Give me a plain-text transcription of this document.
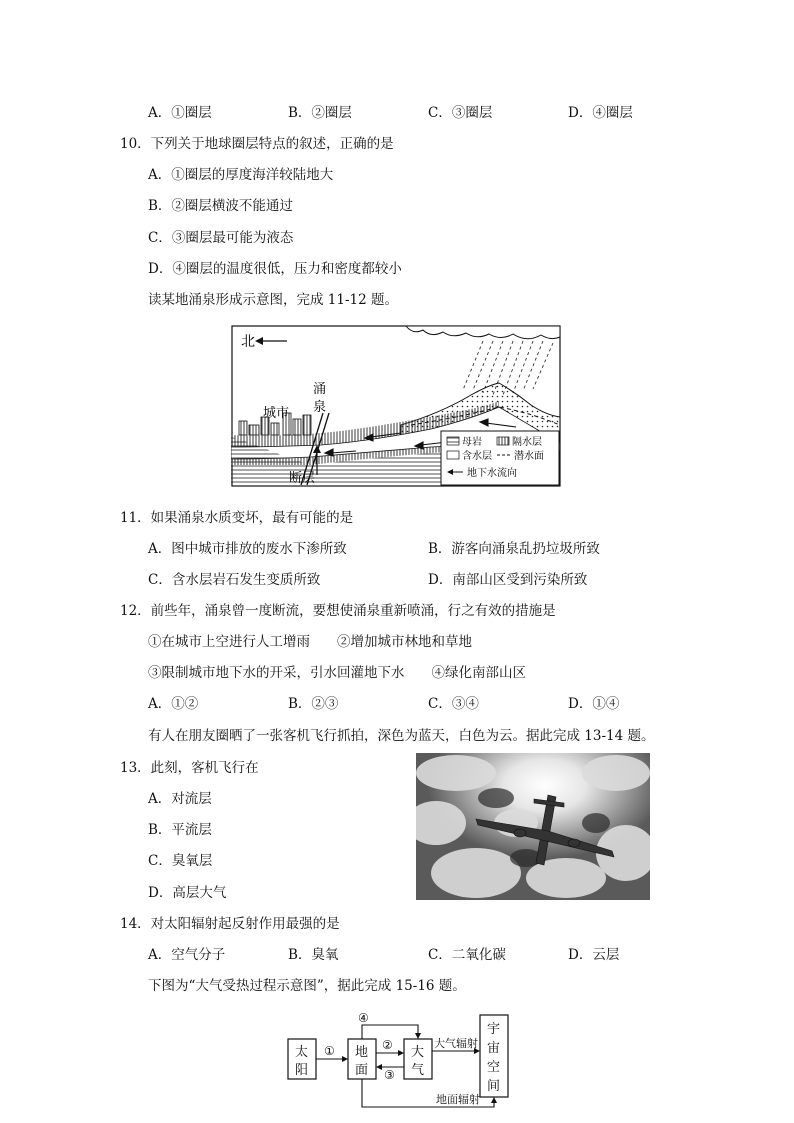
A．①圈层	B．②圈层	C．③圈层	D．④圈层
10．下列关于地球圈层特点的叙述，正确的是
A．①圈层的厚度海洋较陆地大
B．②圈层横波不能通过
C．③圈层最可能为液态
D．④圈层的温度很低，压力和密度都较小
读某地涌泉形成示意图，完成 11-12 题。
北
城市
涌
泉
断层
母岩	隔水层
含水层 潜水面
地下水流向
11．如果涌泉水质变坏，最有可能的是
A．图中城市排放的废水下渗所致	B．游客向涌泉乱扔垃圾所致
C．含水层岩石发生变质所致	D．南部山区受到污染所致
12．前些年，涌泉曾一度断流，要想使涌泉重新喷涌，行之有效的措施是
①在城市上空进行人工增雨　　②增加城市林地和草地
③限制城市地下水的开采，引水回灌地下水　　④绿化南部山区
A．①②	B．②③	C．③④	D．①④
有人在朋友圈晒了一张客机飞行抓拍，深色为蓝天，白色为云。据此完成 13-14 题。
13．此刻，客机飞行在
A．对流层
B．平流层
C．臭氧层
D．高层大气
14．对太阳辐射起反射作用最强的是
A．空气分子	B．臭氧	C．二氧化碳	D．云层
下图为“大气受热过程示意图”，据此完成 15-16 题。
太
阳
地
面
大
气
宇
宙
空
间
①	②
③
④
大气辐射
地面辐射
